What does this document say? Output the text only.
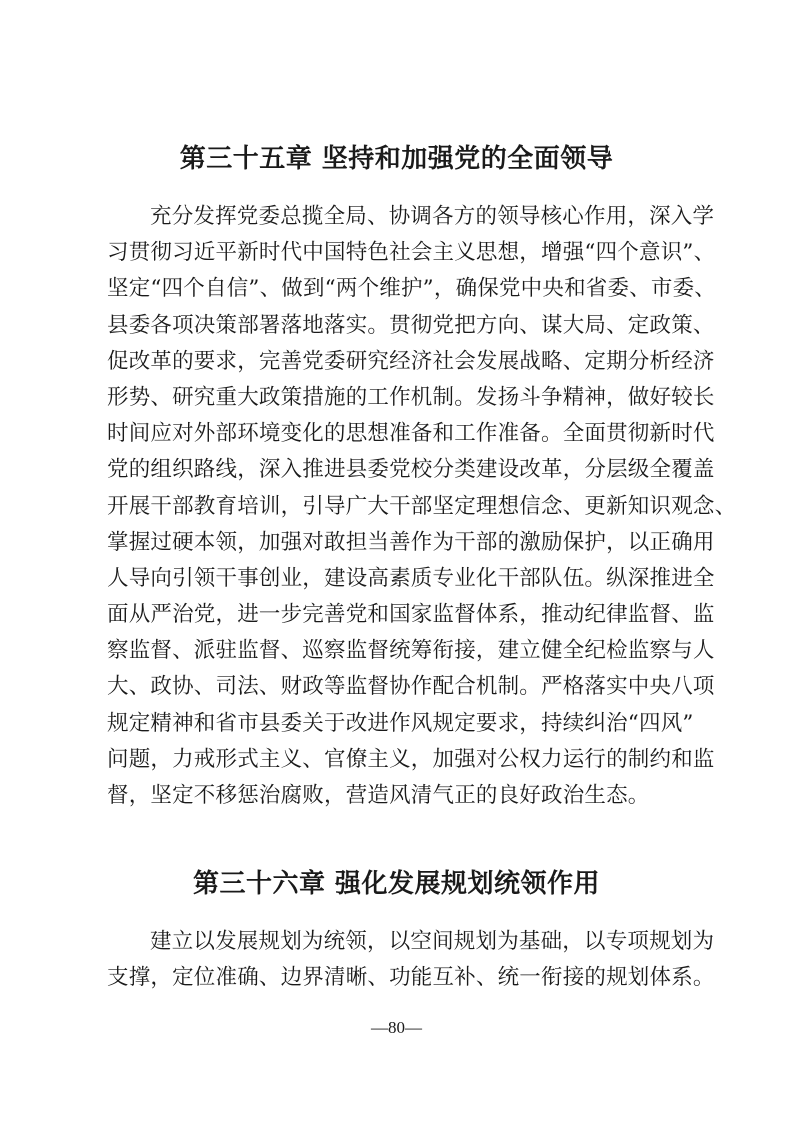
第三十五章 坚持和加强党的全面领导
充分发挥党委总揽全局、协调各方的领导核心作用，深入学
习贯彻习近平新时代中国特色社会主义思想，增强“四个意识”、
坚定“四个自信”、做到“两个维护”，确保党中央和省委、市委、
县委各项决策部署落地落实。贯彻党把方向、谋大局、定政策、
促改革的要求，完善党委研究经济社会发展战略、定期分析经济
形势、研究重大政策措施的工作机制。发扬斗争精神，做好较长
时间应对外部环境变化的思想准备和工作准备。全面贯彻新时代
党的组织路线，深入推进县委党校分类建设改革，分层级全覆盖
开展干部教育培训，引导广大干部坚定理想信念、更新知识观念、
掌握过硬本领，加强对敢担当善作为干部的激励保护，以正确用
人导向引领干事创业，建设高素质专业化干部队伍。纵深推进全
面从严治党，进一步完善党和国家监督体系，推动纪律监督、监
察监督、派驻监督、巡察监督统筹衔接，建立健全纪检监察与人
大、政协、司法、财政等监督协作配合机制。严格落实中央八项
规定精神和省市县委关于改进作风规定要求，持续纠治“四风”
问题，力戒形式主义、官僚主义，加强对公权力运行的制约和监
督，坚定不移惩治腐败，营造风清气正的良好政治生态。
第三十六章 强化发展规划统领作用
建立以发展规划为统领，以空间规划为基础，以专项规划为
支撑，定位准确、边界清晰、功能互补、统一衔接的规划体系。
—80—
